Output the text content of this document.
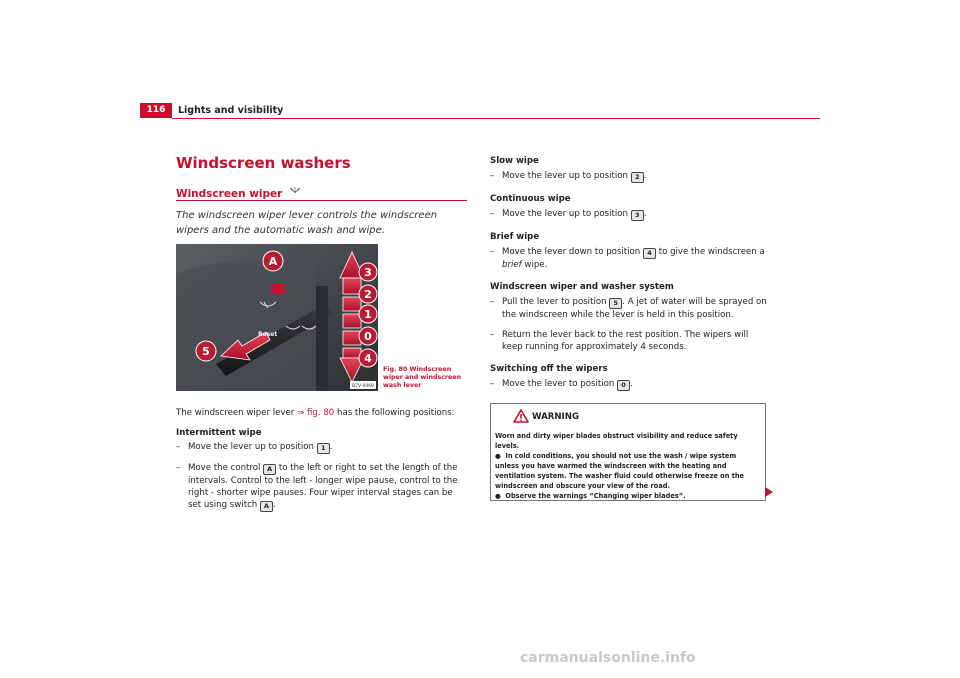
116	Lights and visibility
Windscreen washers
Windscreen wiper
The windscreen wiper lever controls the windscreen wipers and the automatic wash and wipe.
A
3
2
1
0
4
5
Reset
B7V-0069
Fig. 80 Windscreen wiper and windscreen wash lever
The windscreen wiper lever ⇒ fig. 80 has the following positions:
Intermittent wipe
– Move the lever up to position 1 .
– Move the control A to the left or right to set the length of the intervals. Control to the left - longer wipe pause, control to the right - shorter wipe pauses. Four wiper interval stages can be set using switch A .
Slow wipe
– Move the lever up to position 2 .
Continuous wipe
– Move the lever up to position 3 .
Brief wipe
– Move the lever down to position 4 to give the windscreen a brief wipe.
Windscreen wiper and washer system
– Pull the lever to position 5 . A jet of water will be sprayed on the windscreen while the lever is held in this position.
– Return the lever back to the rest position. The wipers will keep running for approximately 4 seconds.
Switching off the wipers
– Move the lever to position 0 .
WARNING
Worn and dirty wiper blades obstruct visibility and reduce safety levels.
●  In cold conditions, you should not use the wash / wipe system unless you have warmed the windscreen with the heating and ventilation system. The washer fluid could otherwise freeze on the windscreen and obscure your view of the road.
●  Observe the warnings “Changing wiper blades”.
carmanualsonline.info
